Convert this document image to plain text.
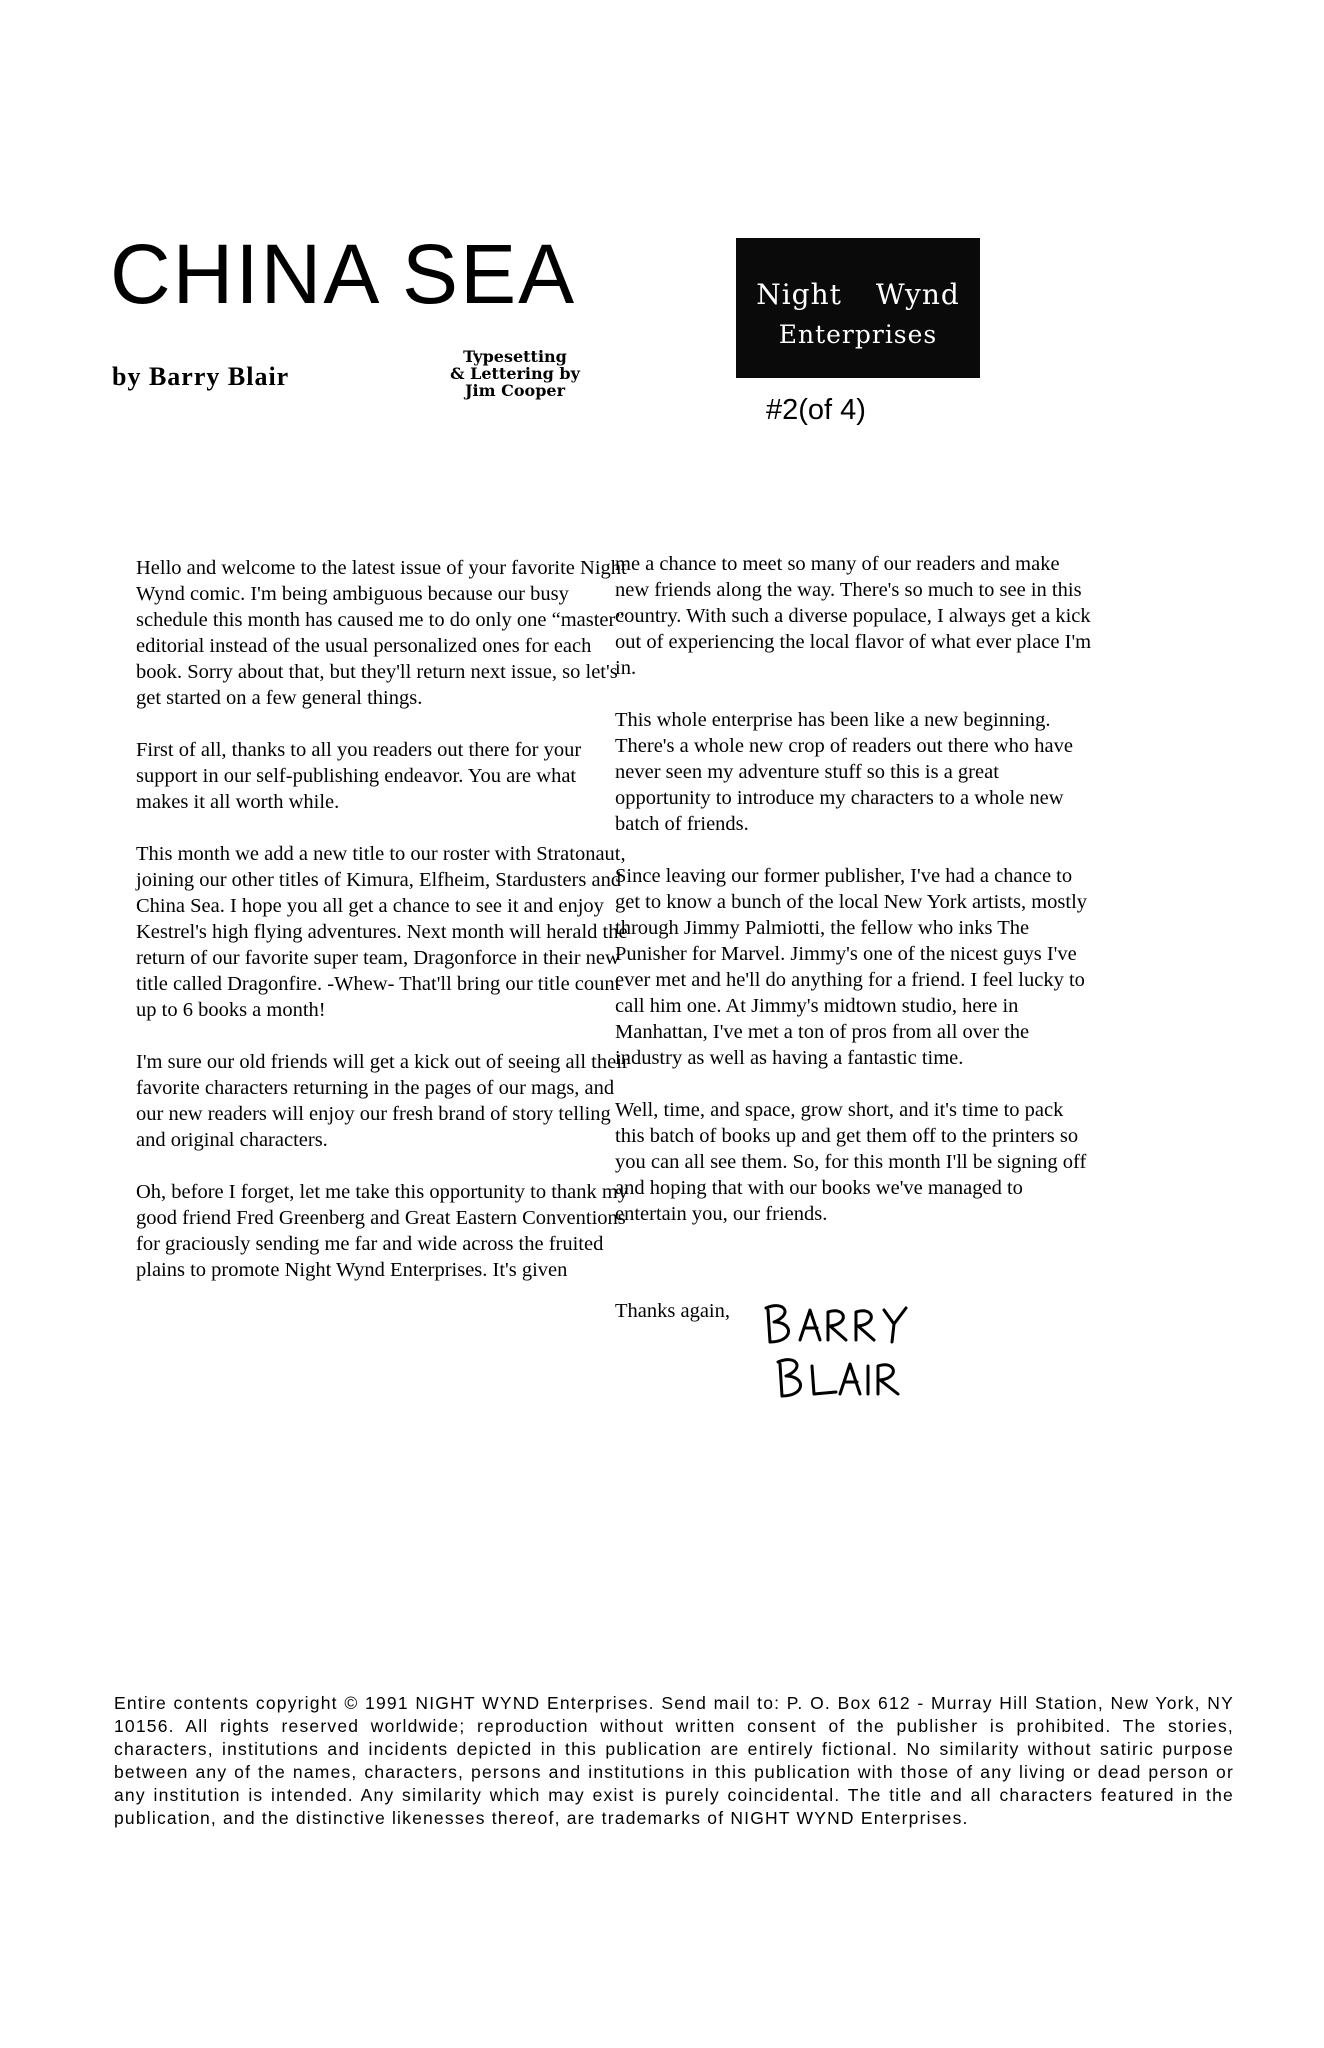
CHINA SEA
by Barry Blair
Typesetting
& Lettering by
Jim Cooper
Night Wynd
Enterprises
#2(of 4)

Hello and welcome to the latest issue of your favorite Night Wynd comic. I'm being ambiguous because our busy schedule this month has caused me to do only one “master” editorial instead of the usual personalized ones for each book. Sorry about that, but they'll return next issue, so let's get started on a few general things.

First of all, thanks to all you readers out there for your support in our self-publishing endeavor. You are what makes it all worth while.

This month we add a new title to our roster with Stratonaut, joining our other titles of Kimura, Elfheim, Stardusters and China Sea. I hope you all get a chance to see it and enjoy Kestrel's high flying adventures. Next month will herald the return of our favorite super team, Dragonforce in their new title called Dragonfire. -Whew- That'll bring our title count up to 6 books a month!

I'm sure our old friends will get a kick out of seeing all their favorite characters returning in the pages of our mags, and our new readers will enjoy our fresh brand of story telling and original characters.

Oh, before I forget, let me take this opportunity to thank my good friend Fred Greenberg and Great Eastern Conventions for graciously sending me far and wide across the fruited plains to promote Night Wynd Enterprises. It's given

me a chance to meet so many of our readers and make new friends along the way. There's so much to see in this country. With such a diverse populace, I always get a kick out of experiencing the local flavor of what ever place I'm in.

This whole enterprise has been like a new beginning. There's a whole new crop of readers out there who have never seen my adventure stuff so this is a great opportunity to introduce my characters to a whole new batch of friends.

Since leaving our former publisher, I've had a chance to get to know a bunch of the local New York artists, mostly through Jimmy Palmiotti, the fellow who inks The Punisher for Marvel. Jimmy's one of the nicest guys I've ever met and he'll do anything for a friend. I feel lucky to call him one. At Jimmy's midtown studio, here in Manhattan, I've met a ton of pros from all over the industry as well as having a fantastic time.

Well, time, and space, grow short, and it's time to pack this batch of books up and get them off to the printers so you can all see them. So, for this month I'll be signing off and hoping that with our books we've managed to entertain you, our friends.

Thanks again,
Entire contents copyright © 1991 NIGHT WYND Enterprises. Send mail to: P. O. Box 612 - Murray Hill Station, New York, NY 10156. All rights reserved worldwide; reproduction without written consent of the publisher is prohibited. The stories, characters, institutions and incidents depicted in this publication are entirely fictional. No similarity without satiric purpose between any of the names, characters, persons and institutions in this publication with those of any living or dead person or any institution is intended. Any similarity which may exist is purely coincidental. The title and all characters featured in the publication, and the distinctive likenesses thereof, are trademarks of NIGHT WYND Enterprises.
